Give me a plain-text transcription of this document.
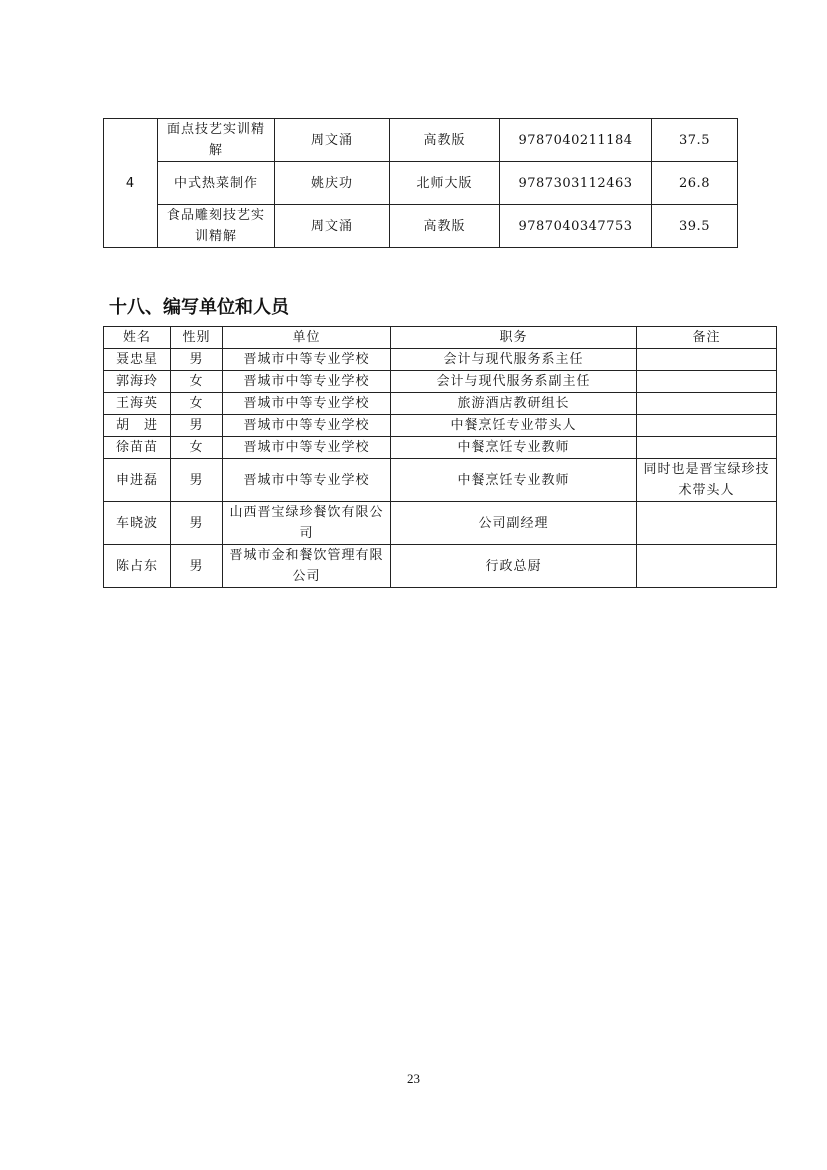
4	面点技艺实训精解	周文涌	高教版	9787040211184	37.5
	中式热菜制作	姚庆功	北师大版	9787303112463	26.8
	食品雕刻技艺实训精解	周文涌	高教版	9787040347753	39.5
十八、编写单位和人员
姓名	性别	单位	职务	备注
聂忠星	男	晋城市中等专业学校	会计与现代服务系主任	
郭海玲	女	晋城市中等专业学校	会计与现代服务系副主任	
王海英	女	晋城市中等专业学校	旅游酒店教研组长	
胡　进	男	晋城市中等专业学校	中餐烹饪专业带头人	
徐苗苗	女	晋城市中等专业学校	中餐烹饪专业教师	
申进磊	男	晋城市中等专业学校	中餐烹饪专业教师	同时也是晋宝绿珍技术带头人
车晓波	男	山西晋宝绿珍餐饮有限公司	公司副经理	
陈占东	男	晋城市金和餐饮管理有限公司	行政总厨	
23
